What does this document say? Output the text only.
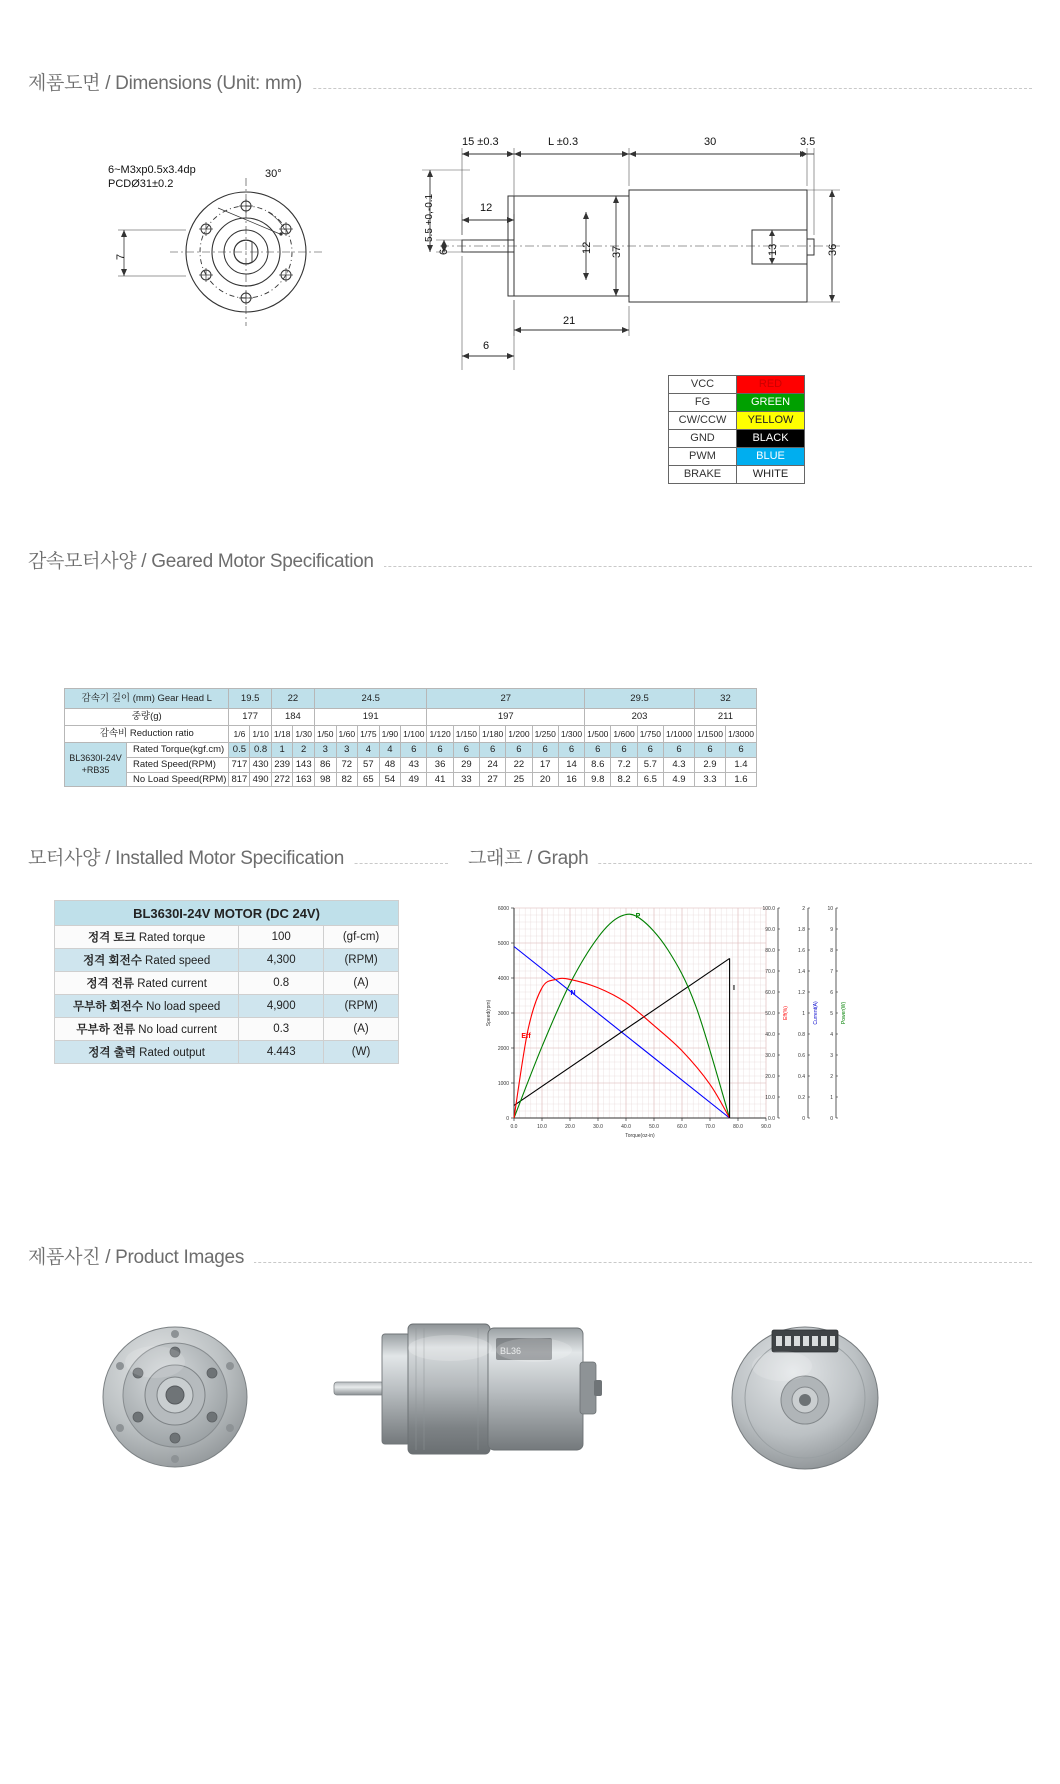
제품도면 / Dimensions (Unit: mm)
6~M3xp0.5x3.4dp
PCDØ31±0.2
30°
7
15 ±0.3	L ±0.3	30	3.5
5.5 +0,-0.1
6
12
12 37	13	36
21
6
VCC	RED
FG	GREEN
CW/CCW	YELLOW
GND	BLACK
PWM	BLUE
BRAKE	WHITE
감속모터사양 / Geared Motor Specification
감속기 길이 (mm) Gear Head L		19.5		22		24.5					27						29.5				32	
중량(g)		177		184		191					197						203				211	
감속비 Reduction ratio		1/6	1/10	1/18	1/30	1/50	1/60	1/75	1/90	1/100	1/120	1/150	1/180	1/200	1/250	1/300	1/500	1/600	1/750	1/1000	1/1500	1/3000
BL3630I-24V
+RB35	Rated Torque(kgf.cm)	0.5	0.8	1	2	3	3	4	4	6	6	6	6	6	6	6	6	6	6	6	6	6
	Rated Speed(RPM)	717	430	239	143	86	72	57	48	43	36	29	24	22	17	14	8.6	7.2	5.7	4.3	2.9	1.4
	No Load Speed(RPM)	817	490	272	163	98	82	65	54	49	41	33	27	25	20	16	9.8	8.2	6.5	4.9	3.3	1.6
모터사양 / Installed Motor Specification
BL3630I-24V MOTOR (DC 24V)		
정격 토크 Rated torque	100	(gf-cm)
정격 회전수 Rated speed	4,300	(RPM)
정격 전류 Rated current	0.8	(A)
무부하 회전수 No load speed	4,900	(RPM)
무부하 전류 No load current	0.3	(A)
정격 출력 Rated output	4.443	(W)
그래프 / Graph
0
1000
2000
3000
4000
5000
6000
Speed(rpm)
0.0	10.0	20.0	30.0	40.0	50.0	60.0	70.0	80.0	90.0
Torque(oz-in)
0.0
10.0
20.0
30.0
40.0
50.0
60.0
70.0
80.0
90.0
100.0
Eff(%)
0
0.2
0.4
0.6
0.8
1
1.2
1.4
1.6
1.8
2
Current(A)
0
1
2
3
4
5
6
7
8
9
10
Power(W)
N
I
P
Eff
제품사진 / Product Images
BL36
